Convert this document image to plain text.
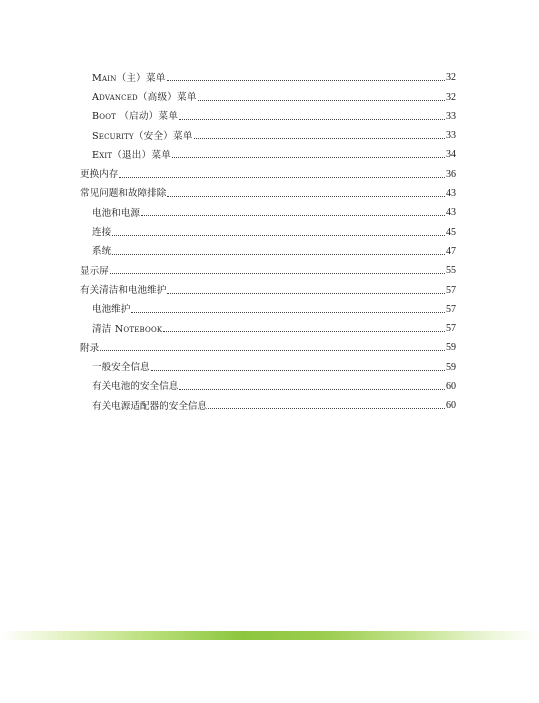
Main（主）菜单	32
Advanced（高级）菜单	32
Boot （启动）菜单	33
Security（安全）菜单	33
Exit（退出）菜单	34
更换内存	36
常见问题和故障排除	43
电池和电源	43
连接	45
系统	47
显示屏	55
有关清洁和电池维护	57
电池维护	57
清洁 Notebook	57
附录	59
一般安全信息	59
有关电池的安全信息	60
有关电源适配器的安全信息	60
